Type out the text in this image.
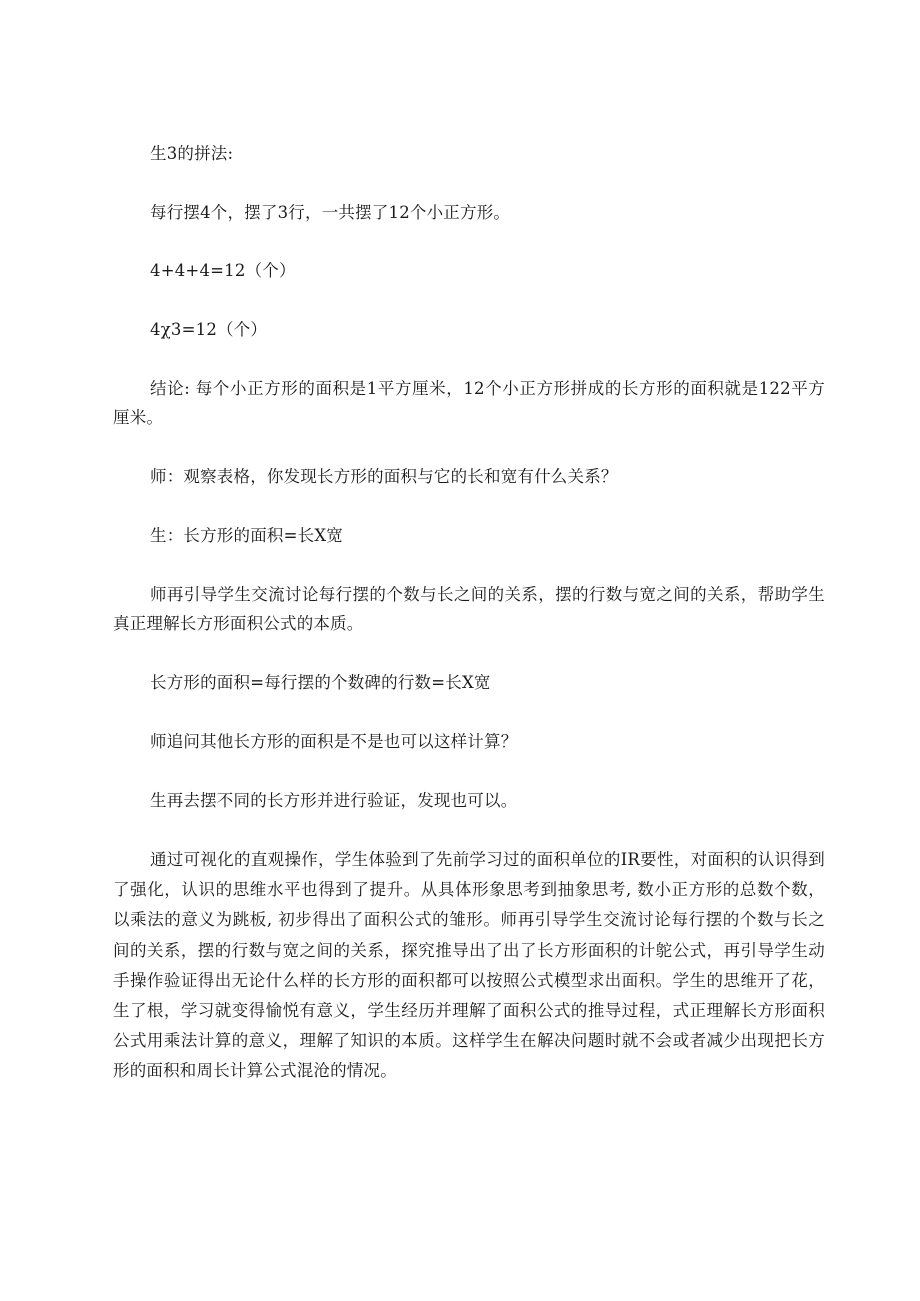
生3的拼法:

每行摆4个，摆了3行，一共摆了12个小正方形。

4+4+4=12（个）

4χ3=12（个）

结论: 每个小正方形的面积是1平方厘米，12个小正方形拼成的长方形的面积就是122平方厘米。

师：观察表格，你发现长方形的面积与它的长和宽有什么关系？

生：长方形的面积=长X宽

师再引导学生交流讨论每行摆的个数与长之间的关系，摆的行数与宽之间的关系，帮助学生真正理解长方形面积公式的本质。

长方形的面积=每行摆的个数碑的行数=长X宽

师追问其他长方形的面积是不是也可以这样计算？

生再去摆不同的长方形并进行验证，发现也可以。

通过可视化的直观操作，学生体验到了先前学习过的面积单位的IR要性，对面积的认识得到了强化，认识的思维水平也得到了提升。从具体形象思考到抽象思考, 数小正方形的总数个数，以乘法的意义为跳板, 初步得出了面积公式的雏形。师再引导学生交流讨论每行摆的个数与长之间的关系，摆的行数与宽之间的关系，探究推导出了出了长方形面积的计鸵公式，再引导学生动手操作验证得出无论什么样的长方形的面积都可以按照公式模型求出面积。学生的思维开了花，生了根，学习就变得愉悦有意义，学生经历并理解了面积公式的推导过程，式正理解长方形面积公式用乘法计算的意义，理解了知识的本质。这样学生在解决问题时就不会或者减少出现把长方形的面积和周长计算公式混沧的情况。
